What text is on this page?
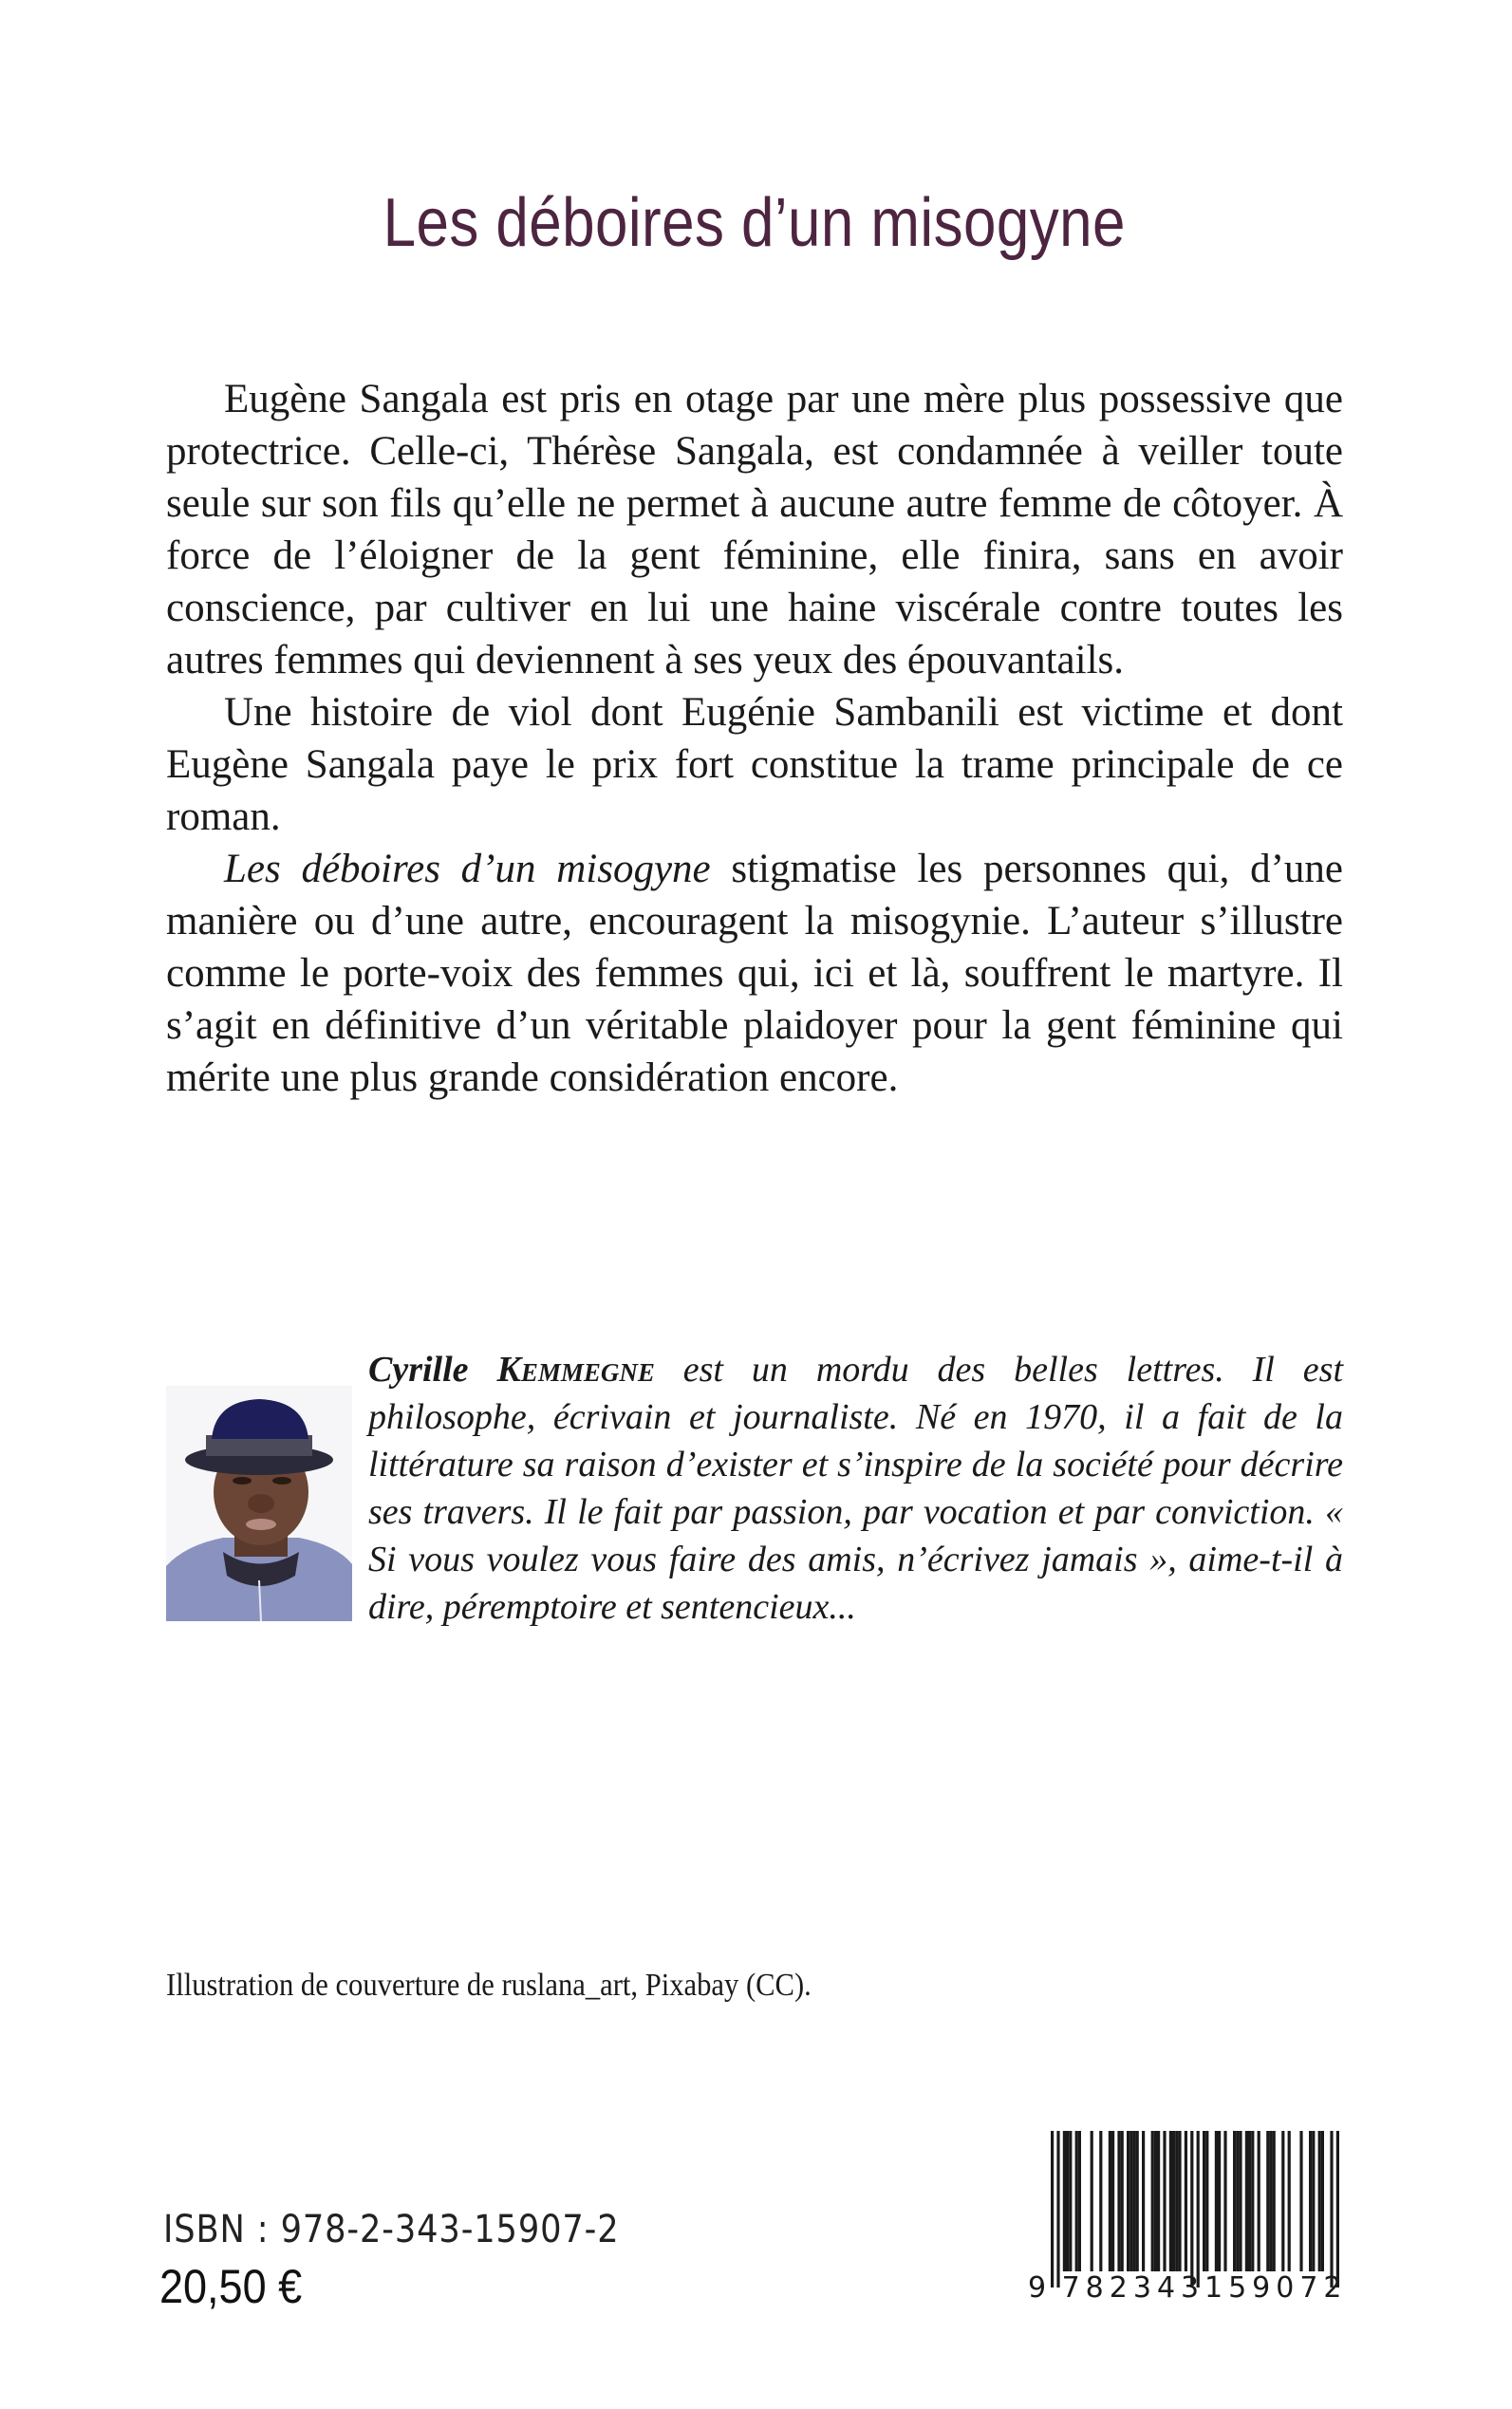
Les déboires d’un misogyne

Eugène Sangala est pris en otage par une mère plus possessive que protectrice. Celle-ci, Thérèse Sangala, est condamnée à veiller toute seule sur son fils qu’elle ne permet à aucune autre femme de côtoyer. À force de l’éloigner de la gent féminine, elle finira, sans en avoir conscience, par cultiver en lui une haine viscérale contre toutes les autres femmes qui deviennent à ses yeux des épouvantails.

Une histoire de viol dont Eugénie Sambanili est victime et dont Eugène Sangala paye le prix fort constitue la trame principale de ce roman.

Les déboires d’un misogyne stigmatise les personnes qui, d’une manière ou d’une autre, encouragent la misogynie. L’auteur s’illustre comme le porte-voix des femmes qui, ici et là, souffrent le martyre. Il s’agit en définitive d’un véritable plaidoyer pour la gent féminine qui mérite une plus grande considération encore.

Cyrille Kemmegne est un mordu des belles lettres. Il est philosophe, écrivain et journaliste. Né en 1970, il a fait de la littérature sa raison d’exister et s’inspire de la société pour décrire ses travers. Il le fait par passion, par vocation et par conviction. « Si vous voulez vous faire des amis, n’écrivez jamais », aime-t-il à dire, péremptoire et sentencieux...
Illustration de couverture de ruslana_art, Pixabay (CC).
ISBN : 978-2-343-15907-2
20,50 €	9 782343 159072
